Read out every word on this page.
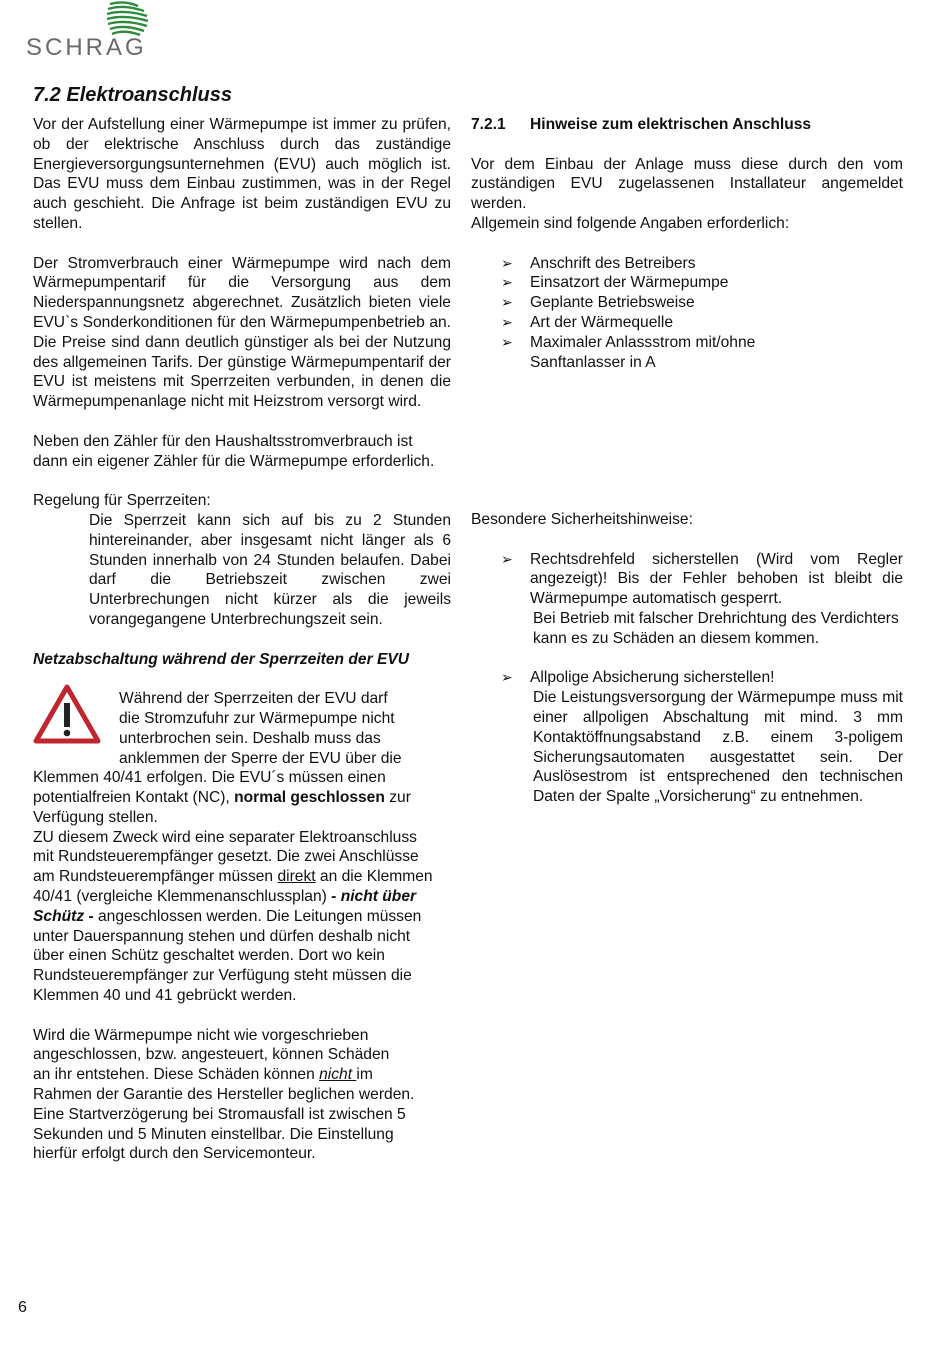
SCHRAG
7.2 Elektroanschluss

Vor der Aufstellung einer Wärmepumpe ist immer zu prüfen, ob der elektrische Anschluss durch das zuständige Energieversorgungsunternehmen (EVU) auch möglich ist. Das EVU muss dem Einbau zustimmen, was in der Regel auch geschieht. Die Anfrage ist beim zuständigen EVU zu stellen.

Der Stromverbrauch einer Wärmepumpe wird nach dem Wärmepumpentarif für die Versorgung aus dem Niederspannungsnetz abgerechnet. Zusätzlich bieten viele EVU`s Sonderkonditionen für den Wärmepumpenbetrieb an. Die Preise sind dann deutlich günstiger als bei der Nutzung des allgemeinen Tarifs. Der günstige Wärmepumpentarif der EVU ist meistens mit Sperrzeiten verbunden, in denen die Wärmepumpenanlage nicht mit Heizstrom versorgt wird.

Neben den Zähler für den Haushaltsstromverbrauch ist dann ein eigener Zähler für die Wärmepumpe erforderlich.

Regelung für Sperrzeiten:

Die Sperrzeit kann sich auf bis zu 2 Stunden hintereinander, aber insgesamt nicht länger als 6 Stunden innerhalb von 24 Stunden belaufen. Dabei darf die Betriebszeit zwischen zwei Unterbrechungen nicht kürzer als die jeweils vorangegangene Unterbrechungszeit sein.

Netzabschaltung während der Sperrzeiten der EVU

Während der Sperrzeiten der EVU darf
die Stromzufuhr zur Wärmepumpe nicht
unterbrochen sein. Deshalb muss das
anklemmen der Sperre der EVU über die
Klemmen 40/41 erfolgen. Die EVU´s müssen einen
potentialfreien Kontakt (NC), normal geschlossen zur
Verfügung stellen.
ZU diesem Zweck wird eine separater Elektroanschluss
mit Rundsteuerempfänger gesetzt. Die zwei Anschlüsse
am Rundsteuerempfänger müssen direkt an die Klemmen
40/41 (vergleiche Klemmenanschlussplan) - nicht über
Schütz - angeschlossen werden. Die Leitungen müssen
unter Dauerspannung stehen und dürfen deshalb nicht
über einen Schütz geschaltet werden. Dort wo kein
Rundsteuerempfänger zur Verfügung steht müssen die
Klemmen 40 und 41 gebrückt werden.
Wird die Wärmepumpe nicht wie vorgeschrieben
angeschlossen, bzw. angesteuert, können Schäden
an ihr entstehen. Diese Schäden können nicht im
Rahmen der Garantie des Hersteller beglichen werden.
Eine Startverzögerung bei Stromausfall ist zwischen 5
Sekunden und 5 Minuten einstellbar. Die Einstellung
hierfür erfolgt durch den Servicemonteur.

7.2.1 Hinweise zum elektrischen Anschluss

Vor dem Einbau der Anlage muss diese durch den vom zuständigen EVU zugelassenen Installateur angemeldet werden.

Allgemein sind folgende Angaben erforderlich:

➢ Anschrift des Betreibers
➢ Einsatzort der Wärmepumpe
➢ Geplante Betriebsweise
➢ Art der Wärmequelle
➢ Maximaler Anlassstrom mit/ohne
Sanftanlasser in A

Besondere Sicherheitshinweise:

➢ Rechtsdrehfeld sicherstellen (Wird vom Regler angezeigt)! Bis der Fehler behoben ist bleibt die Wärmepumpe automatisch gesperrt.
Bei Betrieb mit falscher Drehrichtung des Verdichters kann es zu Schäden an diesem kommen.
➢ Allpolige Absicherung sicherstellen!
Die Leistungsversorgung der Wärmepumpe muss mit einer allpoligen Abschaltung mit mind. 3 mm Kontaktöffnungsabstand z.B. einem 3-poligem Sicherungsautomaten ausgestattet sein. Der Auslösestrom ist entsprechened den technischen Daten der Spalte „Vorsicherung“ zu entnehmen.
6
